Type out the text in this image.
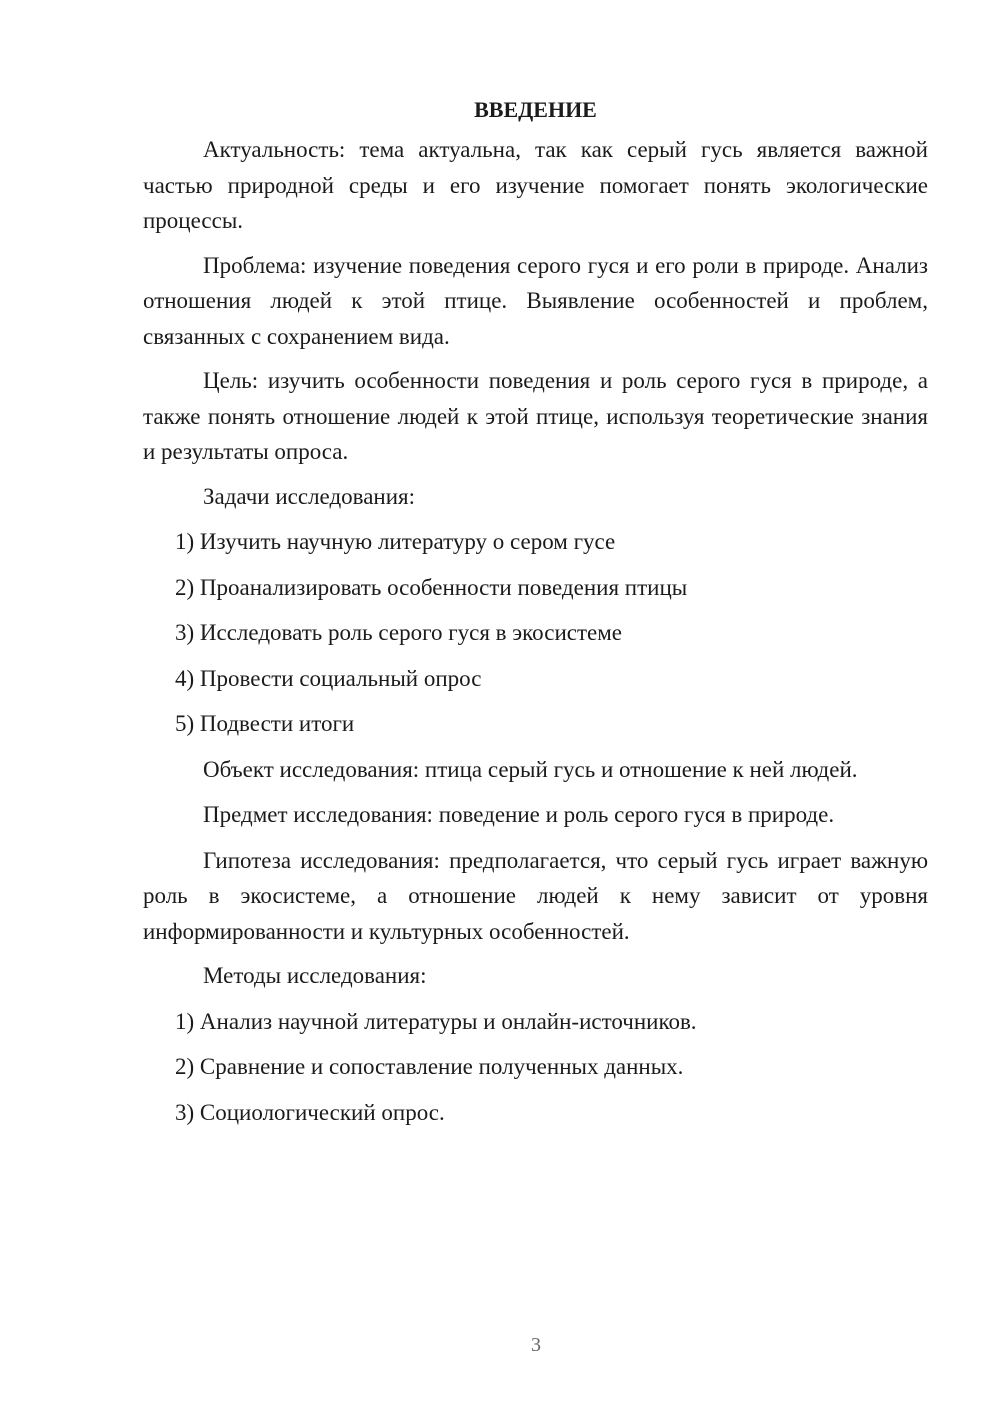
ВВЕДЕНИЕ

Актуальность: тема актуальна, так как серый гусь является важной частью природной среды и его изучение помогает понять экологические процессы.

Проблема: изучение поведения серого гуся и его роли в природе. Анализ отношения людей к этой птице. Выявление особенностей и проблем, связанных с сохранением вида.

Цель: изучить особенности поведения и роль серого гуся в природе, а также понять отношение людей к этой птице, используя теоретические знания и результаты опроса.

Задачи исследования:

1) Изучить научную литературу о сером гусе
2) Проанализировать особенности поведения птицы
3) Исследовать роль серого гуся в экосистеме
4) Провести социальный опрос
5) Подвести итоги

Объект исследования: птица серый гусь и отношение к ней людей.

Предмет исследования: поведение и роль серого гуся в природе.

Гипотеза исследования: предполагается, что серый гусь играет важную роль в экосистеме, а отношение людей к нему зависит от уровня информированности и культурных особенностей.

Методы исследования:

1) Анализ научной литературы и онлайн-источников.
2) Сравнение и сопоставление полученных данных.
3) Социологический опрос.
3
